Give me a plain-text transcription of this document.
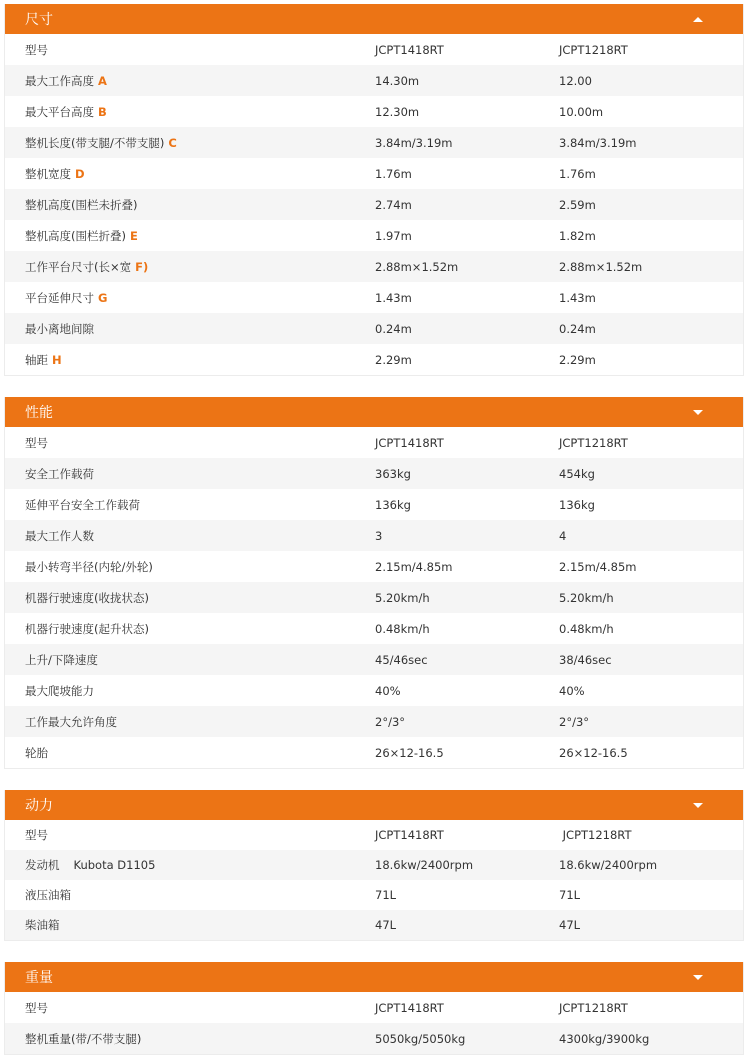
尺寸
型号	JCPT1418RT	JCPT1218RT
最大工作高度 A	14.30m	12.00
最大平台高度 B	12.30m	10.00m
整机长度(带支腿/不带支腿) C	3.84m/3.19m	3.84m/3.19m
整机宽度 D	1.76m	1.76m
整机高度(围栏未折叠)	2.74m	2.59m
整机高度(围栏折叠) E	1.97m	1.82m
工作平台尺寸(长×宽 F)	2.88m×1.52m	2.88m×1.52m
平台延伸尺寸 G	1.43m	1.43m
最小离地间隙	0.24m	0.24m
轴距 H	2.29m	2.29m
性能
型号	JCPT1418RT	JCPT1218RT
安全工作载荷	363kg	454kg
延伸平台安全工作载荷	136kg	136kg
最大工作人数	3	4
最小转弯半径(内轮/外轮)	2.15m/4.85m	2.15m/4.85m
机器行驶速度(收拢状态)	5.20km/h	5.20km/h
机器行驶速度(起升状态)	0.48km/h	0.48km/h
上升/下降速度	45/46sec	38/46sec
最大爬坡能力	40%	40%
工作最大允许角度	2°/3°	2°/3°
轮胎	26×12-16.5	26×12-16.5
动力
型号	JCPT1418RT	JCPT1218RT
发动机 Kubota D1105	18.6kw/2400rpm	18.6kw/2400rpm
液压油箱	71L	71L
柴油箱	47L	47L
重量
型号	JCPT1418RT	JCPT1218RT
整机重量(带/不带支腿)	5050kg/5050kg	4300kg/3900kg
